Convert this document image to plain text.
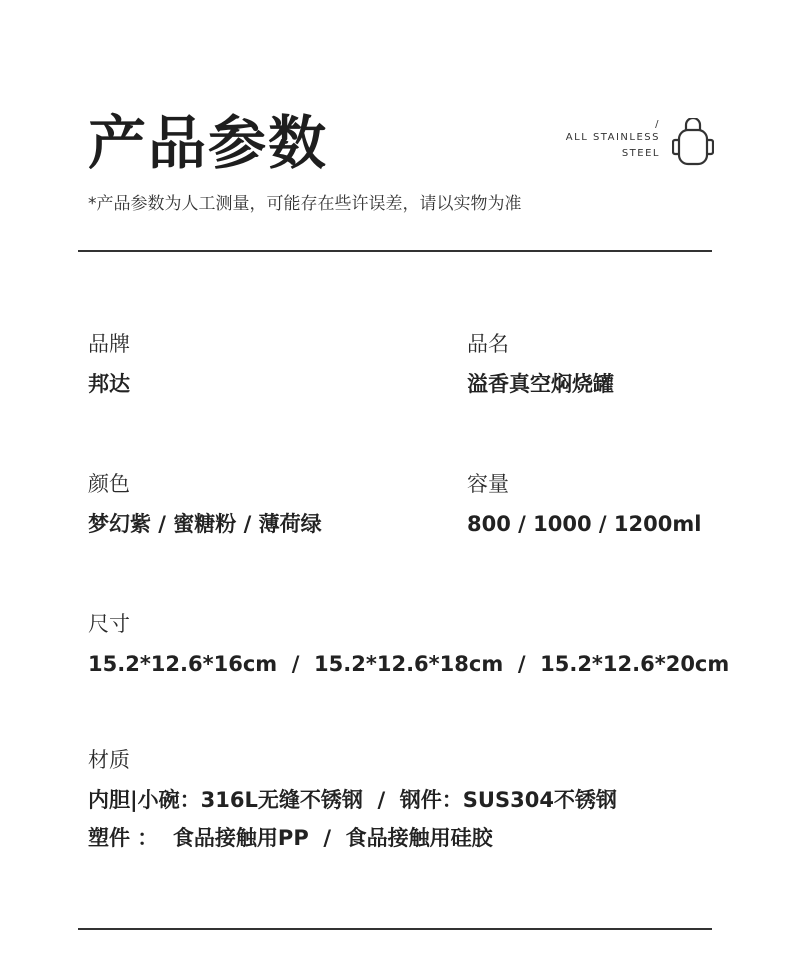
产品参数
*产品参数为人工测量，可能存在些许误差，请以实物为准
/
ALL STAINLESS
STEEL
品牌
邦达
品名
溢香真空焖烧罐
颜色
梦幻紫 / 蜜糖粉 / 薄荷绿
容量
800 / 1000 / 1200ml
尺寸
15.2*12.6*16cm  /  15.2*12.6*18cm  /  15.2*12.6*20cm
材质
内胆|小碗：316L无缝不锈钢  /  钢件：SUS304不锈钢
塑件 ：  食品接触用PP  /  食品接触用硅胶
